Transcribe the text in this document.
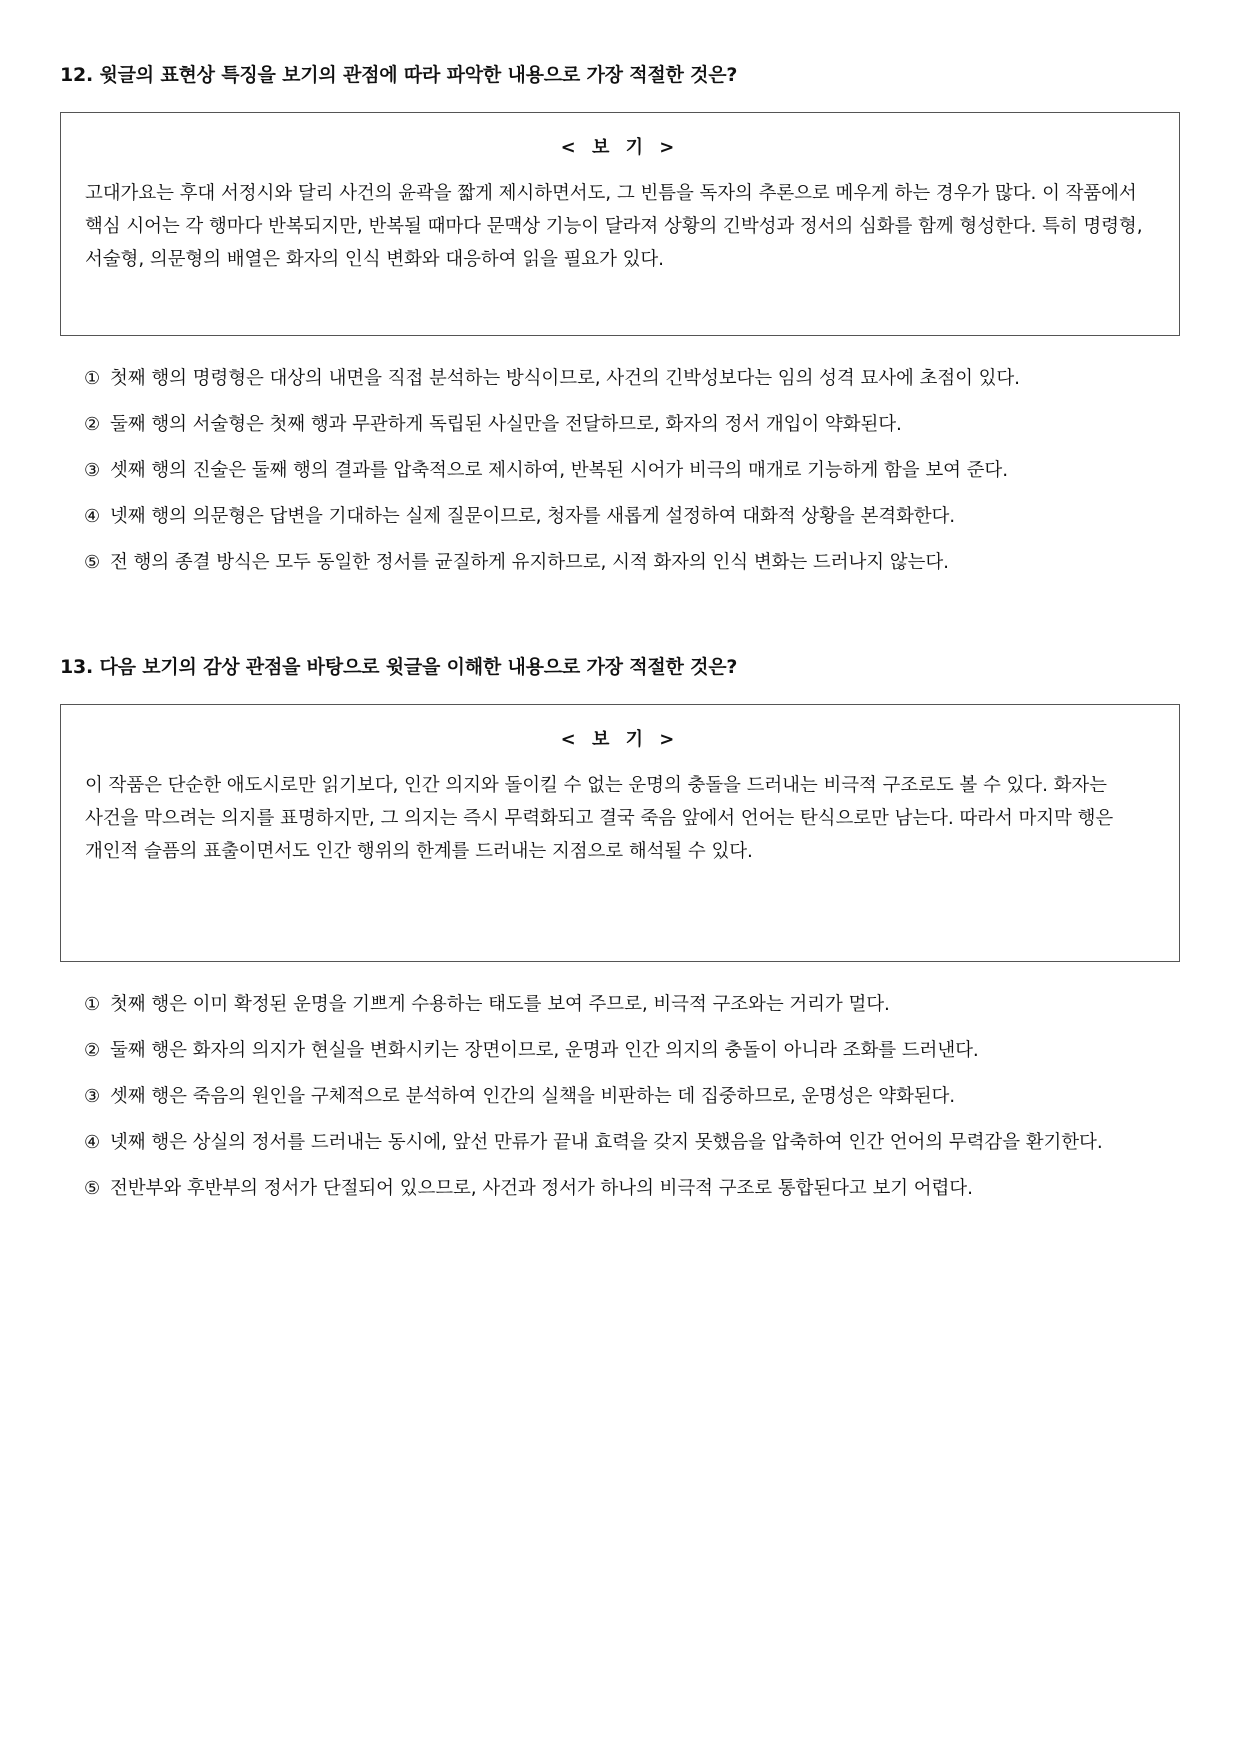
12. 윗글의 표현상 특징을 보기의 관점에 따라 파악한 내용으로 가장 적절한 것은?

< 보 기 >

고대가요는 후대 서정시와 달리 사건의 윤곽을 짧게 제시하면서도, 그 빈틈을 독자의 추론으로 메우게 하는 경우가 많다. 이 작품에서 핵심 시어는 각 행마다 반복되지만, 반복될 때마다 문맥상 기능이 달라져 상황의 긴박성과 정서의 심화를 함께 형성한다. 특히 명령형, 서술형, 의문형의 배열은 화자의 인식 변화와 대응하여 읽을 필요가 있다.

① 첫째 행의 명령형은 대상의 내면을 직접 분석하는 방식이므로, 사건의 긴박성보다는 임의 성격 묘사에 초점이 있다.
② 둘째 행의 서술형은 첫째 행과 무관하게 독립된 사실만을 전달하므로, 화자의 정서 개입이 약화된다.
③ 셋째 행의 진술은 둘째 행의 결과를 압축적으로 제시하여, 반복된 시어가 비극의 매개로 기능하게 함을 보여 준다.
④ 넷째 행의 의문형은 답변을 기대하는 실제 질문이므로, 청자를 새롭게 설정하여 대화적 상황을 본격화한다.
⑤ 전 행의 종결 방식은 모두 동일한 정서를 균질하게 유지하므로, 시적 화자의 인식 변화는 드러나지 않는다.
13. 다음 보기의 감상 관점을 바탕으로 윗글을 이해한 내용으로 가장 적절한 것은?

< 보 기 >

이 작품은 단순한 애도시로만 읽기보다, 인간 의지와 돌이킬 수 없는 운명의 충돌을 드러내는 비극적 구조로도 볼 수 있다. 화자는 사건을 막으려는 의지를 표명하지만, 그 의지는 즉시 무력화되고 결국 죽음 앞에서 언어는 탄식으로만 남는다. 따라서 마지막 행은 개인적 슬픔의 표출이면서도 인간 행위의 한계를 드러내는 지점으로 해석될 수 있다.

① 첫째 행은 이미 확정된 운명을 기쁘게 수용하는 태도를 보여 주므로, 비극적 구조와는 거리가 멀다.
② 둘째 행은 화자의 의지가 현실을 변화시키는 장면이므로, 운명과 인간 의지의 충돌이 아니라 조화를 드러낸다.
③ 셋째 행은 죽음의 원인을 구체적으로 분석하여 인간의 실책을 비판하는 데 집중하므로, 운명성은 약화된다.
④ 넷째 행은 상실의 정서를 드러내는 동시에, 앞선 만류가 끝내 효력을 갖지 못했음을 압축하여 인간 언어의 무력감을 환기한다.
⑤ 전반부와 후반부의 정서가 단절되어 있으므로, 사건과 정서가 하나의 비극적 구조로 통합된다고 보기 어렵다.
